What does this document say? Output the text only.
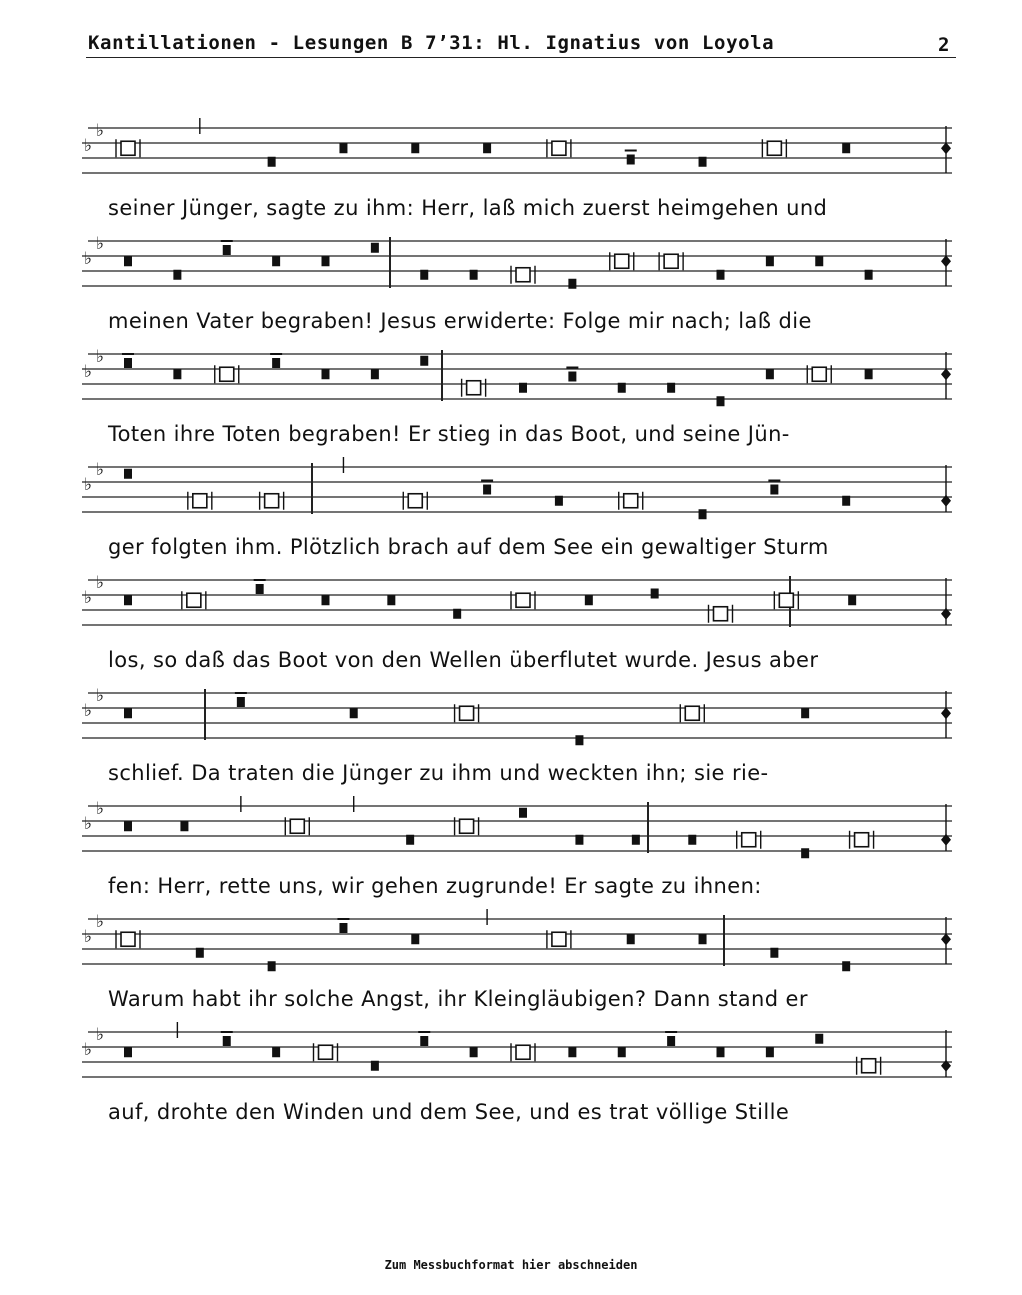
Kantillationen - Lesungen B 7’31: Hl. Ignatius von Loyola	2
♭
♭
♭
♭
♭
♭
♭
♭
♭
♭
♭
♭
♭
♭
♭
♭
♭
♭
seiner Jünger, sagte zu ihm: Herr, laß mich zuerst heimgehen und
meinen Vater begraben! Jesus erwiderte: Folge mir nach; laß die
Toten ihre Toten begraben! Er stieg in das Boot, und seine Jün-
ger folgten ihm. Plötzlich brach auf dem See ein gewaltiger Sturm
los, so daß das Boot von den Wellen überflutet wurde. Jesus aber
schlief. Da traten die Jünger zu ihm und weckten ihn; sie rie-
fen: Herr, rette uns, wir gehen zugrunde! Er sagte zu ihnen:
Warum habt ihr solche Angst, ihr Kleingläubigen? Dann stand er
auf, drohte den Winden und dem See, und es trat völlige Stille
Zum Messbuchformat hier abschneiden
